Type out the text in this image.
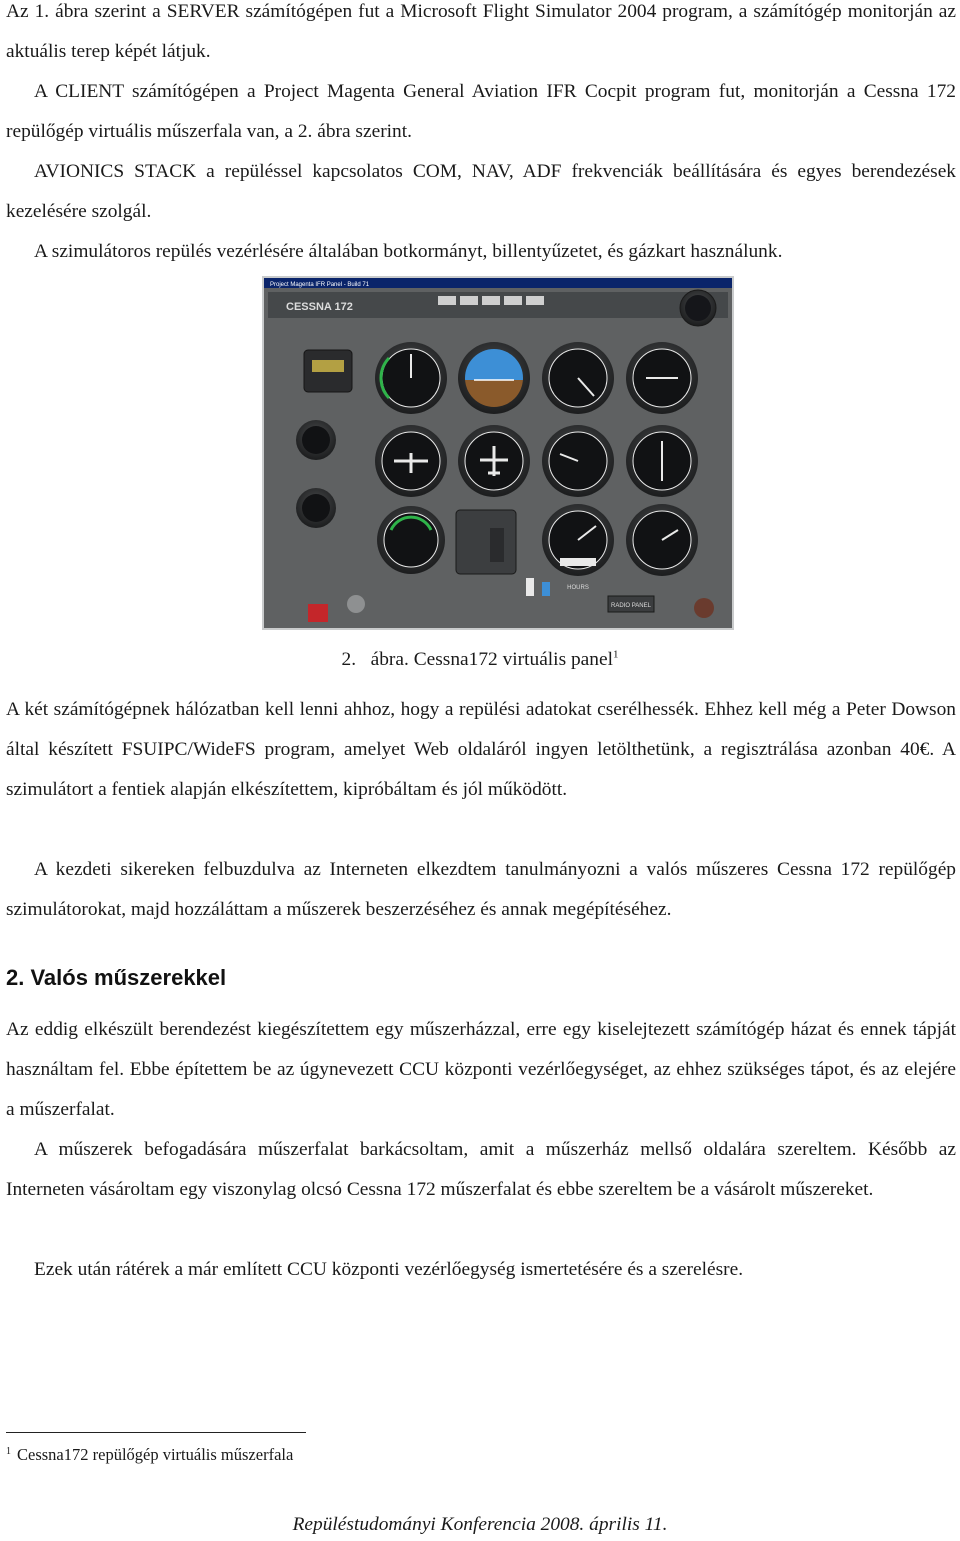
Az 1. ábra szerint a SERVER számítógépen fut a Microsoft Flight Simulator 2004 program, a számítógép monitorján az aktuális terep képét látjuk.

A CLIENT számítógépen a Project Magenta General Aviation IFR Cocpit program fut, monitorján a Cessna 172 repülőgép virtuális műszerfala van, a 2. ábra szerint.

AVIONICS STACK a repüléssel kapcsolatos COM, NAV, ADF frekvenciák beállítására és egyes berendezések kezelésére szolgál.

A szimulátoros repülés vezérlésére általában botkormányt, billentyűzetet, és gázkart használunk.

Project Magenta IFR Panel - Build 71
CESSNA 172
RADIO PANEL
HOURS

2. ábra. Cessna172 virtuális panel$^1$

A két számítógépnek hálózatban kell lenni ahhoz, hogy a repülési adatokat cserélhessék. Ehhez kell még a Peter Dowson által készített FSUIPC/WideFS program, amelyet Web oldaláról ingyen letölthetünk, a regisztrálása azonban 40€. A szimulátort a fentiek alapján elkészítettem, kipróbáltam és jól működött.

A kezdeti sikereken felbuzdulva az Interneten elkezdtem tanulmányozni a valós műszeres Cessna 172 repülőgép szimulátorokat, majd hozzáláttam a műszerek beszerzéséhez és annak megépítéséhez.

2. Valós műszerekkel

Az eddig elkészült berendezést kiegészítettem egy műszerházzal, erre egy kiselejtezett számítógép házat és ennek tápját használtam fel. Ebbe építettem be az úgynevezett CCU központi vezérlőegységet, az ehhez szükséges tápot, és az elejére a műszerfalat.

A műszerek befogadására műszerfalat barkácsoltam, amit a műszerház mellső oldalára szereltem. Később az Interneten vásároltam egy viszonylag olcsó Cessna 172 műszerfalat és ebbe szereltem be a vásárolt műszereket.

Ezek után rátérek a már említett CCU központi vezérlőegység ismertetésére és a szerelésre.

$^1$ Cessna172 repülőgép virtuális műszerfala

Repüléstudományi Konferencia 2008. április 11.
